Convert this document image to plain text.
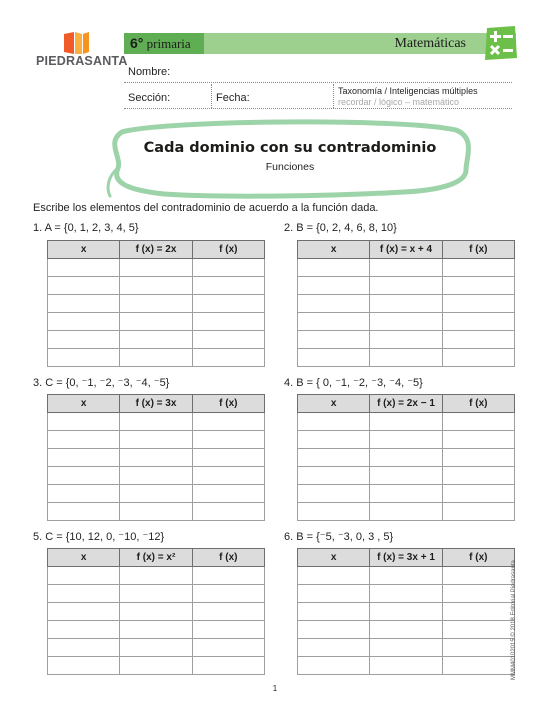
PIEDRASANTA
6° primaria	Matemáticas
Nombre:
Sección:	Fecha:
Taxonomía / Inteligencias múltiples
recordar / lógico – matemático
Cada dominio con su contradominio
Funciones
Escribe los elementos del contradominio de acuerdo a la función dada.
1. A = {0, 1, 2, 3, 4, 5}
x	f (x) = 2x	f (x)

2. B = {0, 2, 4, 6, 8, 10}
x	f (x) = x + 4	f (x)

3. C = {0, ⁻1, ⁻2, ⁻3, ⁻4, ⁻5}
x	f (x) = 3x	f (x)

4. B = { 0, ⁻1, ⁻2, ⁻3, ⁻4, ⁻5}
x	f (x) = 2x − 1	f (x)

5. C = {10, 12, 0, ⁻10, ⁻12}
x	f (x) = x²	f (x)

6. B = {⁻5, ⁻3, 0, 3 , 5}
x	f (x) = 3x + 1	f (x)

MMM40102015 © 2018 Editorial Piedrasanta
1
